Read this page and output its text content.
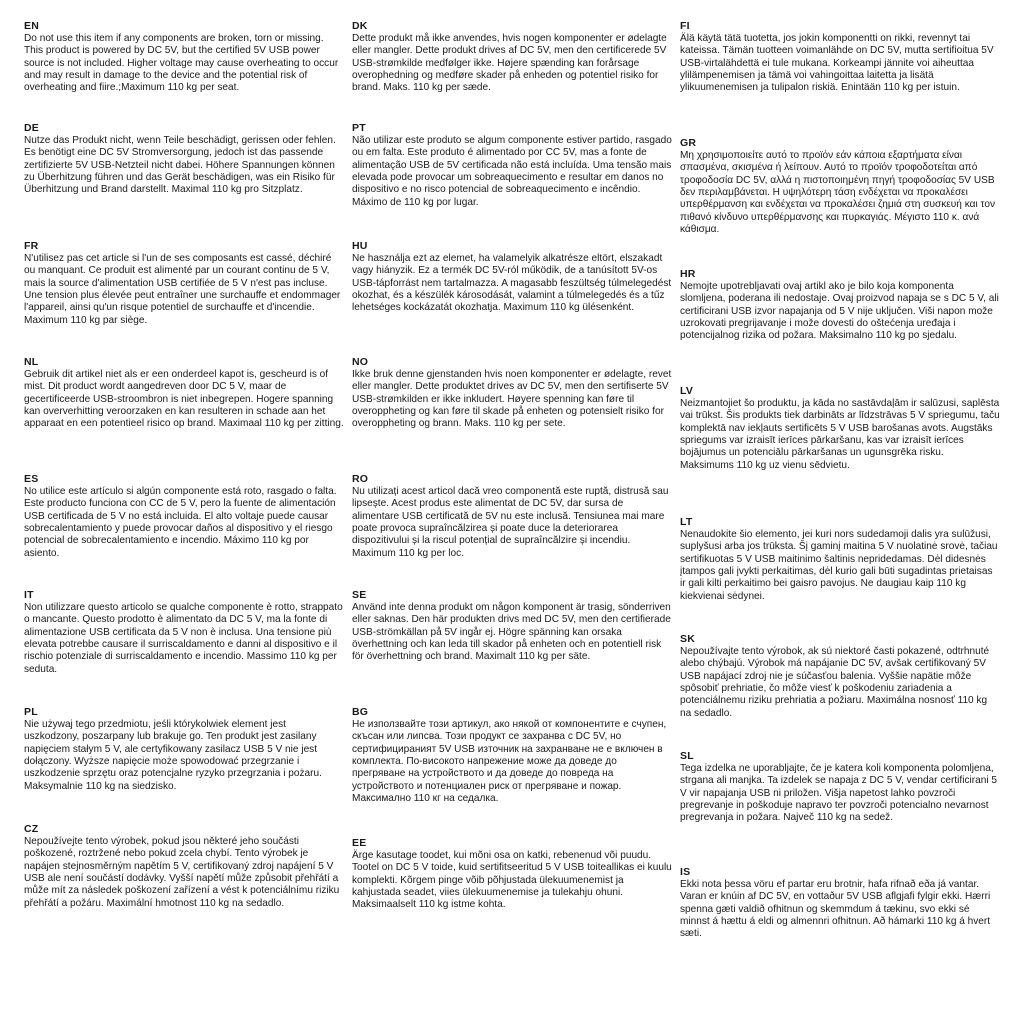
EN
Do not use this item if any components are broken, torn or missing. This product is powered by DC 5V, but the certified 5V USB power source is not included. Higher voltage may cause overheating to occur and may result in damage to the device and the potential risk of overheating and fiire.;Maximum 110 kg per seat.
DE
Nutze das Produkt nicht, wenn Teile beschädigt, gerissen oder fehlen. Es benötigt eine DC 5V Stromversorgung, jedoch ist das passende zertifizierte 5V USB-Netzteil nicht dabei. Höhere Spannungen können zu Überhitzung führen und das Gerät beschädigen, was ein Risiko für Überhitzung und Brand darstellt. Maximal 110 kg pro Sitzplatz.
FR
N'utilisez pas cet article si l'un de ses composants est cassé, déchiré ou manquant. Ce produit est alimenté par un courant continu de 5 V, mais la source d'alimentation USB certifiée de 5 V n'est pas incluse. Une tension plus élevée peut entraîner une surchauffe et endommager l'appareil, ainsi qu'un risque potentiel de surchauffe et d'incendie. Maximum 110 kg par siège.
NL
Gebruik dit artikel niet als er een onderdeel kapot is, gescheurd is of mist. Dit product wordt aangedreven door DC 5 V, maar de gecertificeerde USB-stroombron is niet inbegrepen. Hogere spanning kan oververhitting veroorzaken en kan resulteren in schade aan het apparaat en een potentieel risico op brand. Maximaal 110 kg per zitting.
ES
No utilice este artículo si algún componente está roto, rasgado o falta. Este producto funciona con CC de 5 V, pero la fuente de alimentación USB certificada de 5 V no está incluida. El alto voltaje puede causar sobrecalentamiento y puede provocar daños al dispositivo y el riesgo potencial de sobrecalentamiento e incendio. Máximo 110 kg por asiento.
IT
Non utilizzare questo articolo se qualche componente è rotto, strappato o mancante. Questo prodotto è alimentato da DC 5 V, ma la fonte di alimentazione USB certificata da 5 V non è inclusa. Una tensione più elevata potrebbe causare il surriscaldamento e danni al dispositivo e il rischio potenziale di surriscaldamento e incendio. Massimo 110 kg per seduta.
PL
Nie używaj tego przedmiotu, jeśli którykolwiek element jest uszkodzony, poszarpany lub brakuje go. Ten produkt jest zasilany napięciem stałym 5 V, ale certyfikowany zasilacz USB 5 V nie jest dołączony. Wyższe napięcie może spowodować przegrzanie i uszkodzenie sprzętu oraz potencjalne ryzyko przegrzania i pożaru. Maksymalnie 110 kg na siedzisko.
CZ
Nepoužívejte tento výrobek, pokud jsou některé jeho součásti poškozené, roztržené nebo pokud zcela chybí. Tento výrobek je napájen stejnosměrným napětím 5 V, certifikovaný zdroj napájení 5 V USB ale není součástí dodávky. Vyšší napětí může způsobit přehřátí a může mít za následek poškození zařízení a vést k potenciálnímu riziku přehřátí a požáru. Maximální hmotnost 110 kg na sedadlo.
DK
Dette produkt må ikke anvendes, hvis nogen komponenter er ødelagte eller mangler. Dette produkt drives af DC 5V, men den certificerede 5V USB-strømkilde medfølger ikke. Højere spænding kan forårsage overophedning og medføre skader på enheden og potentiel risiko for brand. Maks. 110 kg per sæde.
PT
Não utilizar este produto se algum componente estiver partido, rasgado ou em falta. Este produto é alimentado por CC 5V, mas a fonte de alimentação USB de 5V certificada não está incluída. Uma tensão mais elevada pode provocar um sobreaquecimento e resultar em danos no dispositivo e no risco potencial de sobreaquecimento e incêndio. Máximo de 110 kg por lugar.
HU
Ne használja ezt az elemet, ha valamelyik alkatrésze eltört, elszakadt vagy hiányzik. Ez a termék DC 5V-ról működik, de a tanúsított 5V-os USB-tápforrást nem tartalmazza. A magasabb feszültség túlmelegedést okozhat, és a készülék károsodását, valamint a túlmelegedés és a tűz lehetséges kockázatát okozhatja. Maximum 110 kg ülésenként.
NO
Ikke bruk denne gjenstanden hvis noen komponenter er ødelagte, revet eller mangler. Dette produktet drives av DC 5V, men den sertifiserte 5V USB-strømkilden er ikke inkludert. Høyere spenning kan føre til overoppheting og kan føre til skade på enheten og potensielt risiko for overoppheting og brann. Maks. 110 kg per sete.
RO
Nu utilizați acest articol dacă vreo componentă este ruptă, distrusă sau lipsește. Acest produs este alimentat de DC 5V, dar sursa de alimentare USB certificată de 5V nu este inclusă. Tensiunea mai mare poate provoca supraîncălzirea și poate duce la deteriorarea dispozitivului și la riscul potențial de supraîncălzire și incendiu. Maximum 110 kg per loc.
SE
Använd inte denna produkt om någon komponent är trasig, sönderriven eller saknas. Den här produkten drivs med DC 5V, men den certifierade USB-strömkällan på 5V ingår ej. Högre spänning kan orsaka överhettning och kan leda till skador på enheten och en potentiell risk för överhettning och brand. Maximalt 110 kg per säte.
BG
Не използвайте този артикул, ако някой от компонентите е счупен, скъсан или липсва. Този продукт се захранва с DC 5V, но сертифицираният 5V USB източник на захранване не е включен в комплекта. По-високото напрежение може да доведе до прегряване на устройството и да доведе до повреда на устройството и потенциален риск от прегряване и пожар. Максимално 110 кг на седалка.
EE
Ärge kasutage toodet, kui mõni osa on katki, rebenenud või puudu. Tootel on DC 5 V toide, kuid sertifitseeritud 5 V USB toiteallikas ei kuulu komplekti. Kõrgem pinge võib põhjustada ülekuumenemist ja kahjustada seadet, viies ülekuumenemise ja tulekahju ohuni. Maksimaalselt 110 kg istme kohta.
FI
Älä käytä tätä tuotetta, jos jokin komponentti on rikki, revennyt tai kateissa. Tämän tuotteen voimanlähde on DC 5V, mutta sertifioitua 5V USB-virtalähdettä ei tule mukana. Korkeampi jännite voi aiheuttaa ylilämpenemisen ja tämä voi vahingoittaa laitetta ja lisätä ylikuumenemisen ja tulipalon riskiä. Enintään 110 kg per istuin.
GR
Μη χρησιμοποιείτε αυτό το προϊόν εάν κάποια εξαρτήματα είναι σπασμένα, σκισμένα ή λείπουν. Αυτό το προϊόν τροφοδοτείται από τροφοδοσία DC 5V, αλλά η πιστοποιημένη πηγή τροφοδοσίας 5V USB δεν περιλαμβάνεται. Η υψηλότερη τάση ενδέχεται να προκαλέσει υπερθέρμανση και ενδέχεται να προκαλέσει ζημιά στη συσκευή και τον πιθανό κίνδυνο υπερθέρμανσης και πυρκαγιάς. Μέγιστο 110 κ. ανά κάθισμα.
HR
Nemojte upotrebljavati ovaj artikl ako je bilo koja komponenta slomljena, poderana ili nedostaje. Ovaj proizvod napaja se s DC 5 V, ali certificirani USB izvor napajanja od 5 V nije uključen. Viši napon može uzrokovati pregrijavanje i može dovesti do oštećenja uređaja i potencijalnog rizika od požara. Maksimalno 110 kg po sjedalu.
LV
Neizmantojiet šo produktu, ja kāda no sastāvdaļām ir salūzusi, saplēsta vai trūkst. Šis produkts tiek darbināts ar līdzstrāvas 5 V spriegumu, taču komplektā nav iekļauts sertificēts 5 V USB barošanas avots. Augstāks spriegums var izraisīt ierīces pārkaršanu, kas var izraisīt ierīces bojājumus un potenciālu pārkaršanas un ugunsgrēka risku. Maksimums 110 kg uz vienu sēdvietu.
LT
Nenaudokite šio elemento, jei kuri nors sudedamoji dalis yra sulūžusi, suplyšusi arba jos trūksta. Šį gaminį maitina 5 V nuolatinė srovė, tačiau sertifikuotas 5 V USB maitinimo šaltinis nepridedamas. Dėl didesnės įtampos gali įvykti perkaitimas, dėl kurio gali būti sugadintas prietaisas ir gali kilti perkaitimo bei gaisro pavojus. Ne daugiau kaip 110 kg kiekvienai sėdynei.
SK
Nepoužívajte tento výrobok, ak sú niektoré časti pokazené, odtrhnuté alebo chýbajú. Výrobok má napájanie DC 5V, avšak certifikovaný 5V USB napájací zdroj nie je súčasťou balenia. Vyššie napätie môže spôsobiť prehriatie, čo môže viesť k poškodeniu zariadenia a potenciálnemu riziku prehriatia a požiaru. Maximálna nosnosť 110 kg na sedadlo.
SL
Tega izdelka ne uporabljajte, če je katera koli komponenta polomljena, strgana ali manjka. Ta izdelek se napaja z DC 5 V, vendar certificirani 5 V vir napajanja USB ni priložen. Višja napetost lahko povzroči pregrevanje in poškoduje napravo ter povzroči potencialno nevarnost pregrevanja in požara. Največ 110 kg na sedež.
IS
Ekki nota þessa vöru ef partar eru brotnir, hafa rifnað eða já vantar. Varan er knúin af DC 5V, en vottaður 5V USB aflgjafi fylgir ekki. Hærri spenna gæti valdið ofhitnun og skemmdum á tækinu, svo ekki sé minnst á hættu á eldi og almennri ofhitnun. Að hámarki 110 kg á hvert sæti.
